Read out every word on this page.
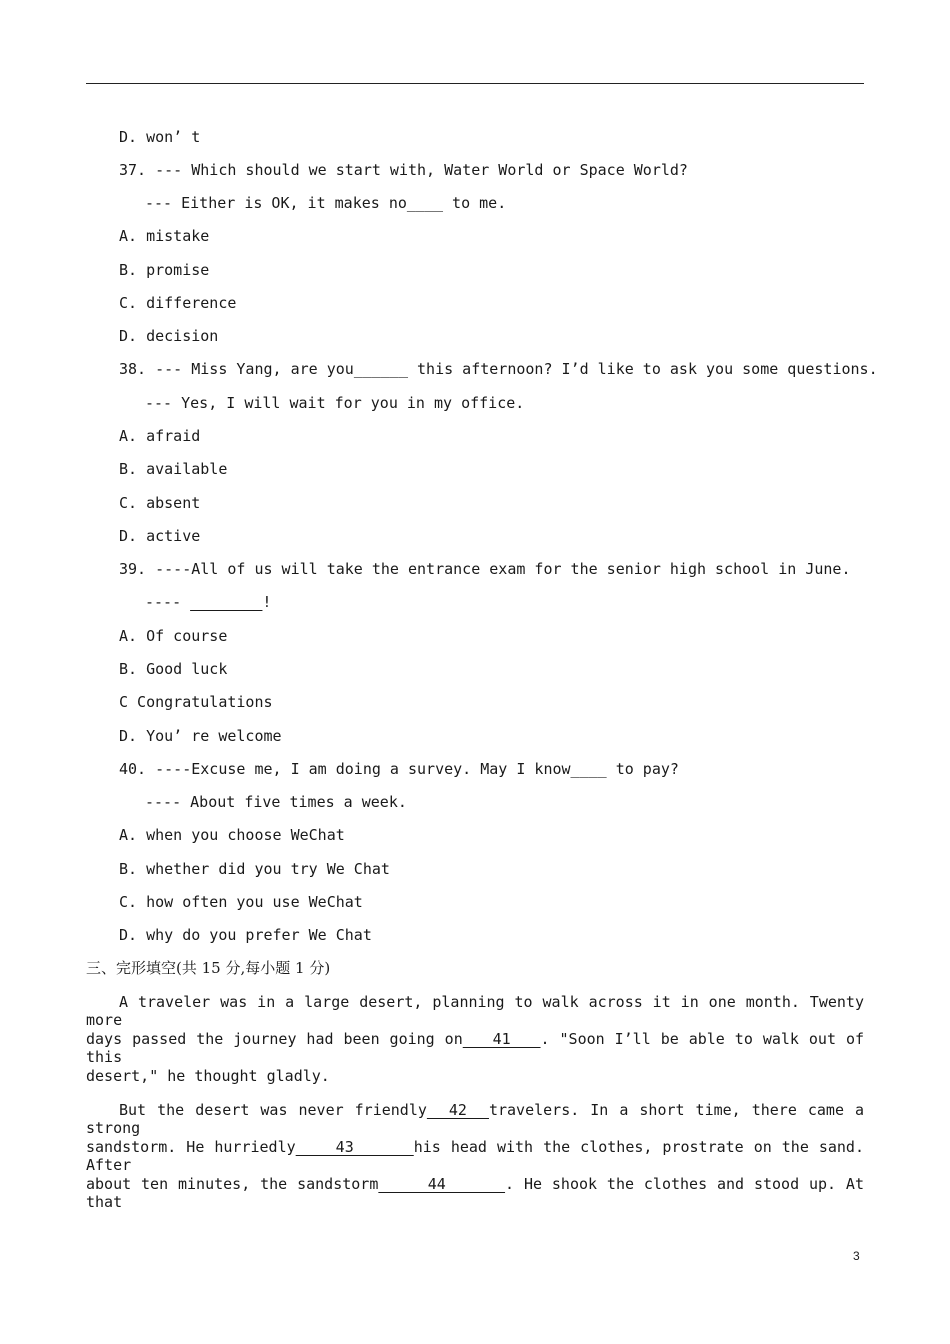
D. won’ t
37. --- Which should we start with, Water World or Space World?
--- Either is OK, it makes no____ to me.
A. mistake
B. promise
C. difference
D. decision
38. --- Miss Yang, are you______ this afternoon? I’d like to ask you some questions.
--- Yes, I will wait for you in my office.
A. afraid
B. available
C. absent
D. active
39. ----All of us will take the entrance exam for the senior high school in June.
---- ________!
A. Of course
B. Good luck
C Congratulations
D. You’ re welcome
40. ----Excuse me, I am doing a survey. May I know____ to pay?
---- About five times a week.
A. when you choose WeChat
B. whether did you try We Chat
C. how often you use WeChat
D. why do you prefer We Chat
三、完形填空(共 15 分,每小题 1 分)
A traveler was in a large desert, planning to walk across it in one month. Twenty more
days passed the journey had been going on   41   . "Soon I’ll be able to walk out of this
desert," he thought gladly.
But the desert was never friendly  42  travelers. In a short time, there came a strong
sandstorm. He hurriedly    43      his head with the clothes, prostrate on the sand. After
about ten minutes, the sandstorm     44      . He shook the clothes and stood up. At that
3
